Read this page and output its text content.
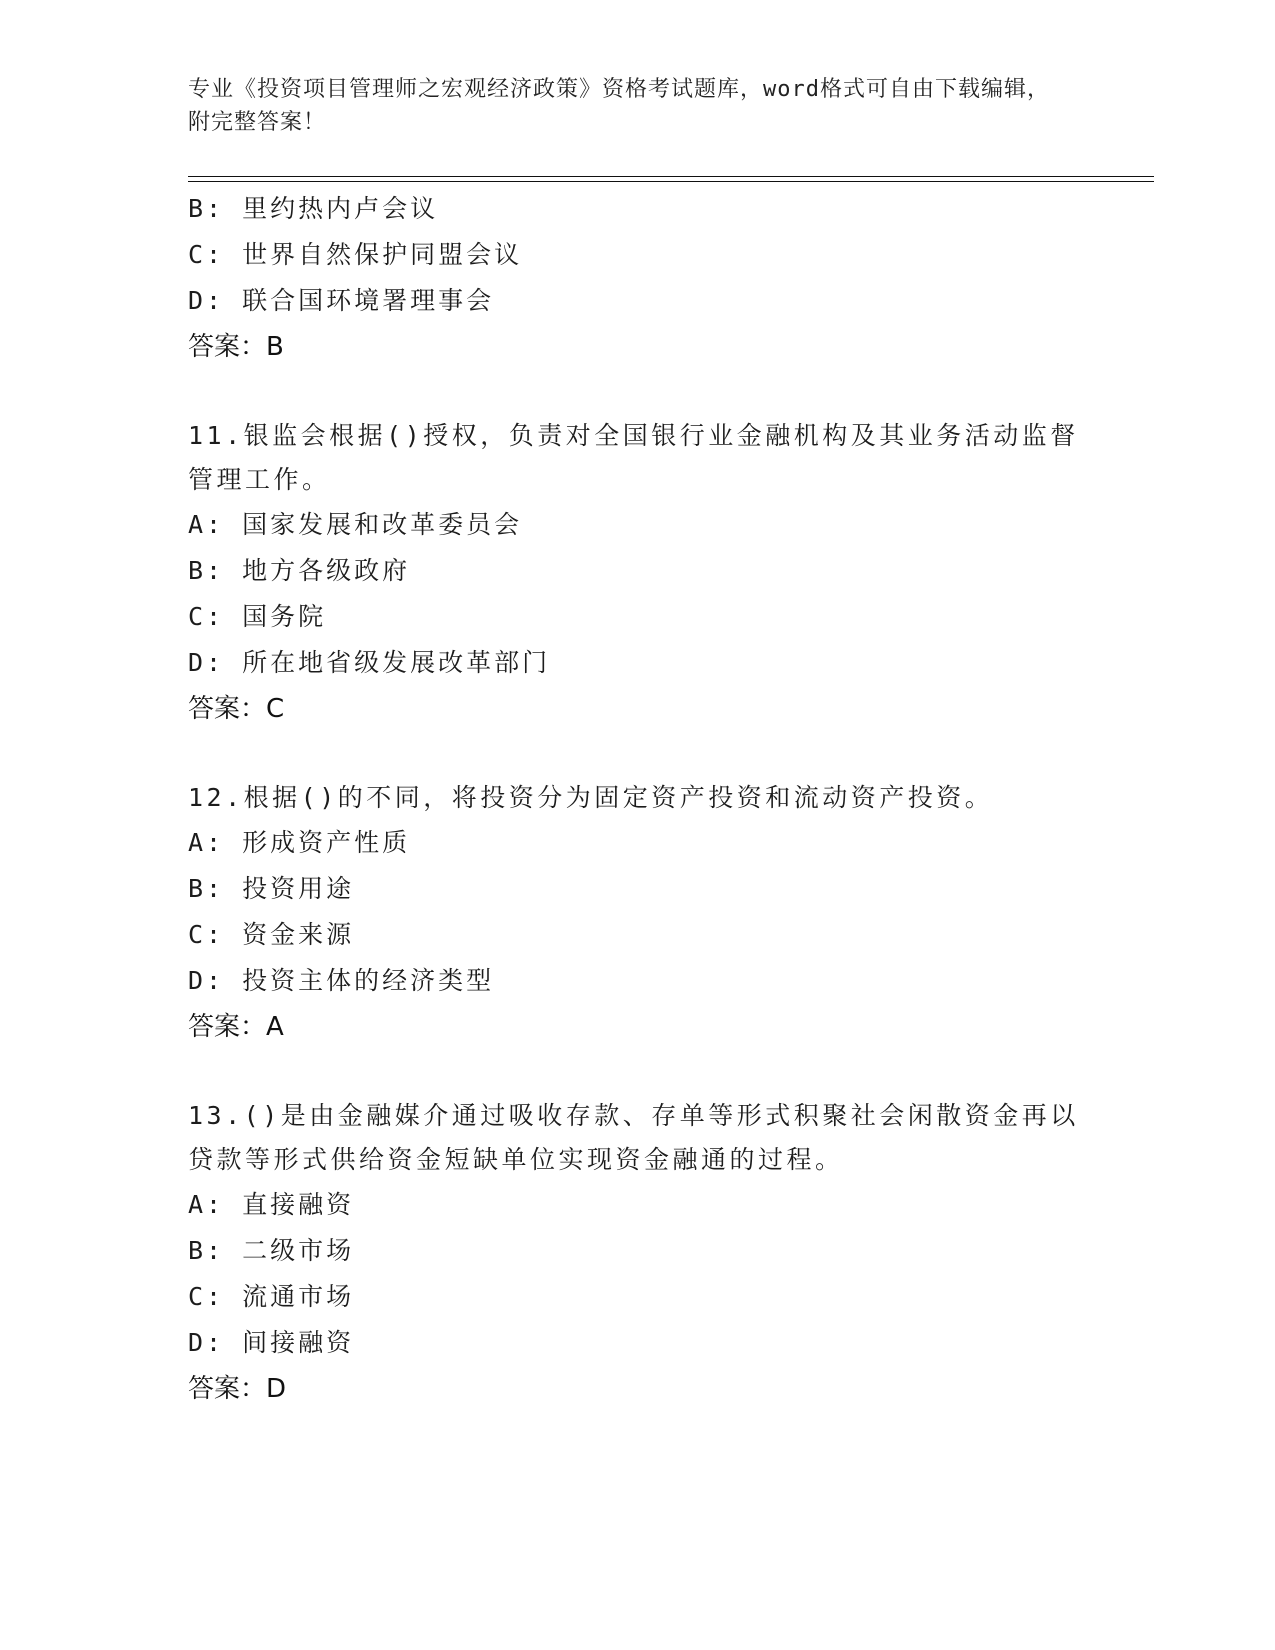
专业《投资项目管理师之宏观经济政策》资格考试题库，word格式可自由下载编辑，附完整答案！
B: 里约热内卢会议
C: 世界自然保护同盟会议
D: 联合国环境署理事会
答案：B
11.银监会根据()授权，负责对全国银行业金融机构及其业务活动监督
管理工作。
A: 国家发展和改革委员会
B: 地方各级政府
C: 国务院
D: 所在地省级发展改革部门
答案：C
12.根据()的不同，将投资分为固定资产投资和流动资产投资。
A: 形成资产性质
B: 投资用途
C: 资金来源
D: 投资主体的经济类型
答案：A
13.()是由金融媒介通过吸收存款、存单等形式积聚社会闲散资金再以
贷款等形式供给资金短缺单位实现资金融通的过程。
A: 直接融资
B: 二级市场
C: 流通市场
D: 间接融资
答案：D
